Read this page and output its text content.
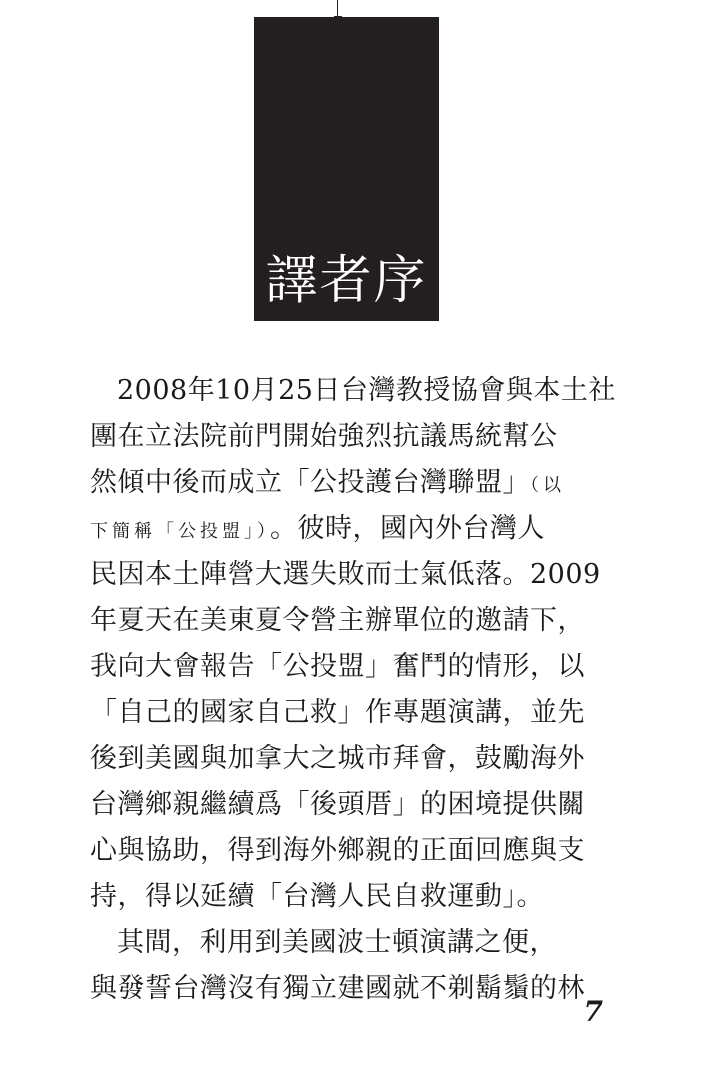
譯者序
2008年10月25日台灣教授協會與本土社
團在立法院前門開始強烈抗議馬統幫公
然傾中後而成立「公投護台灣聯盟」（以
下簡稱「公投盟」）。彼時，國內外台灣人
民因本土陣營大選失敗而士氣低落。2009
年夏天在美東夏令營主辦單位的邀請下，
我向大會報告「公投盟」奮鬥的情形，以
「自己的國家自己救」作專題演講，並先
後到美國與加拿大之城市拜會，鼓勵海外
台灣鄉親繼續爲「後頭厝」的困境提供關
心與協助，得到海外鄉親的正面回應與支
持，得以延續「台灣人民自救運動」。
其間，利用到美國波士頓演講之便，
與發誓台灣沒有獨立建國就不剃鬍鬚的林
7
